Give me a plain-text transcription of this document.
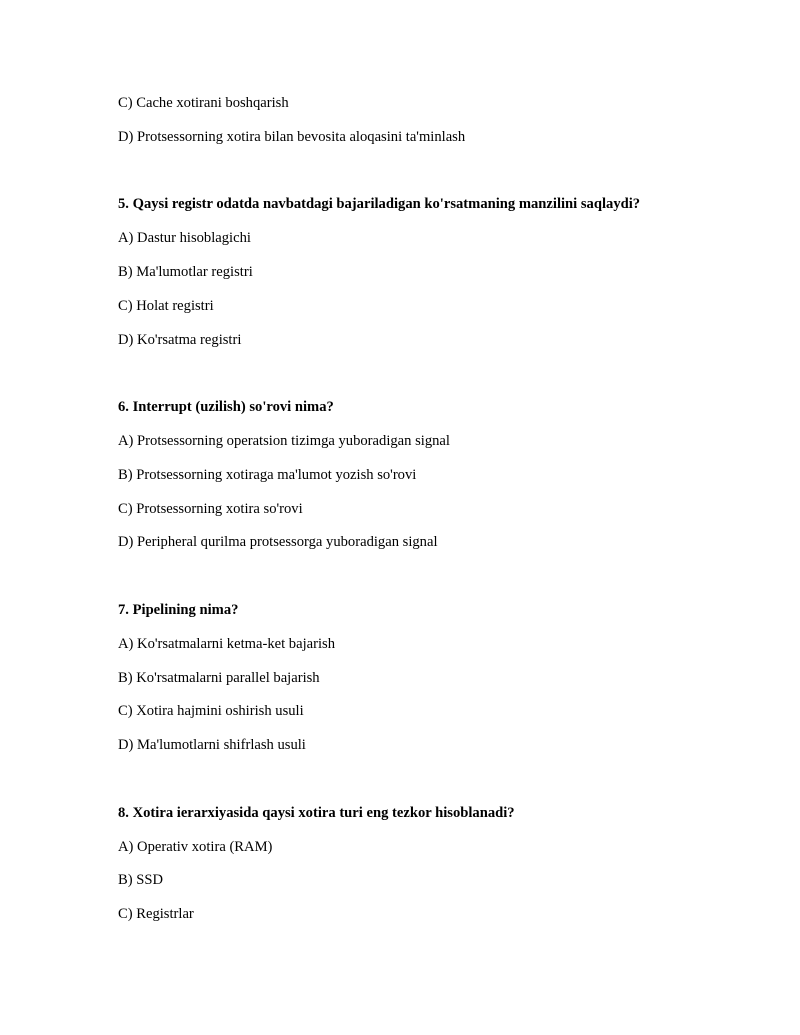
C) Cache xotirani boshqarish
D) Protsessorning xotira bilan bevosita aloqasini ta'minlash
5. Qaysi registr odatda navbatdagi bajariladigan ko'rsatmaning manzilini saqlaydi?
A) Dastur hisoblagichi
B) Ma'lumotlar registri
C) Holat registri
D) Ko'rsatma registri
6. Interrupt (uzilish) so'rovi nima?
A) Protsessorning operatsion tizimga yuboradigan signal
B) Protsessorning xotiraga ma'lumot yozish so'rovi
C) Protsessorning xotira so'rovi
D) Peripheral qurilma protsessorga yuboradigan signal
7. Pipelining nima?
A) Ko'rsatmalarni ketma-ket bajarish
B) Ko'rsatmalarni parallel bajarish
C) Xotira hajmini oshirish usuli
D) Ma'lumotlarni shifrlash usuli
8. Xotira ierarxiyasida qaysi xotira turi eng tezkor hisoblanadi?
A) Operativ xotira (RAM)
B) SSD
C) Registrlar
